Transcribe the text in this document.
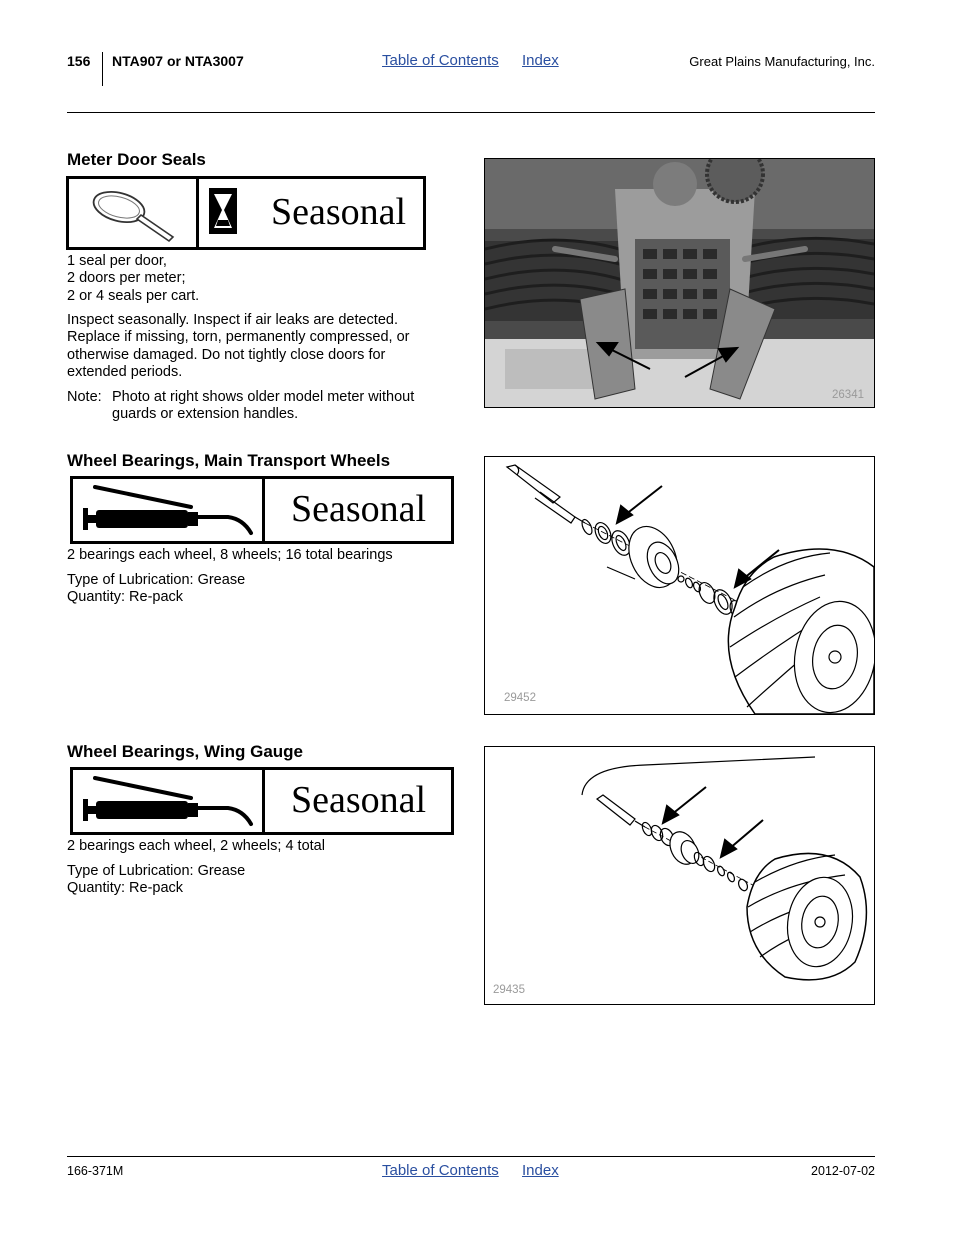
156 NTA907 or NTA3007	Table of Contents Index	Great Plains Manufacturing, Inc.
Meter Door Seals
Seasonal

1 seal per door,

2 doors per meter;

2 or 4 seals per cart.

Inspect seasonally. Inspect if air leaks are detected.

Replace if missing, torn, permanently compressed, or

otherwise damaged. Do not tightly close doors for

extended periods.

Note: Photo at right shows older model meter without

guards or extension handles.

26341
Wheel Bearings, Main Transport Wheels
Seasonal
2 bearings each wheel, 8 wheels; 16 total bearings

Type of Lubrication: Grease

Quantity: Re-pack

29452
Wheel Bearings, Wing Gauge
Seasonal
2 bearings each wheel, 2 wheels; 4 total

Type of Lubrication: Grease

Quantity: Re-pack

29435
166-371M	Table of Contents Index	2012-07-02
